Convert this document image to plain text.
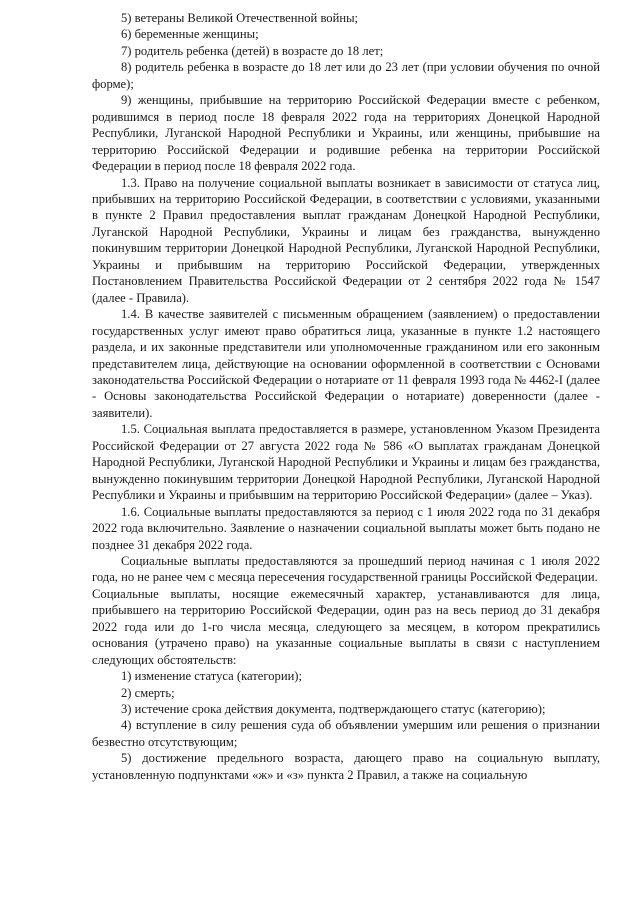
5) ветераны Великой Отечественной войны;

6) беременные женщины;

7) родитель ребенка (детей) в возрасте до 18 лет;

8) родитель ребенка в возрасте до 18 лет или до 23 лет (при условии обучения по очной форме);

9) женщины, прибывшие на территорию Российской Федерации вместе с ребенком, родившимся в период после 18 февраля 2022 года на территориях Донецкой Народной Республики, Луганской Народной Республики и Украины, или женщины, прибывшие на территорию Российской Федерации и родившие ребенка на территории Российской Федерации в период после 18 февраля 2022 года.

1.3. Право на получение социальной выплаты возникает в зависимости от статуса лиц, прибывших на территорию Российской Федерации, в соответствии с условиями, указанными в пункте 2 Правил предоставления выплат гражданам Донецкой Народной Республики, Луганской Народной Республики, Украины и лицам без гражданства, вынужденно покинувшим территории Донецкой Народной Республики, Луганской Народной Республики, Украины и прибывшим на территорию Российской Федерации, утвержденных Постановлением Правительства Российской Федерации от 2 сентября 2022 года № 1547 (далее - Правила).

1.4. В качестве заявителей с письменным обращением (заявлением) о предоставлении государственных услуг имеют право обратиться лица, указанные в пункте 1.2 настоящего раздела, и их законные представители или уполномоченные гражданином или его законным представителем лица, действующие на основании оформленной в соответствии с Основами законодательства Российской Федерации о нотариате от 11 февраля 1993 года № 4462-I (далее - Основы законодательства Российской Федерации о нотариате) доверенности (далее - заявители).

1.5. Социальная выплата предоставляется в размере, установленном Указом Президента Российской Федерации от 27 августа 2022 года № 586 «О выплатах гражданам Донецкой Народной Республики, Луганской Народной Республики и Украины и лицам без гражданства, вынужденно покинувшим территории Донецкой Народной Республики, Луганской Народной Республики и Украины и прибывшим на территорию Российской Федерации» (далее – Указ).

1.6. Социальные выплаты предоставляются за период с 1 июля 2022 года по 31 декабря 2022 года включительно. Заявление о назначении социальной выплаты может быть подано не позднее 31 декабря 2022 года.

Социальные выплаты предоставляются за прошедший период начиная с 1 июля 2022 года, но не ранее чем с месяца пересечения государственной границы Российской Федерации.

Социальные выплаты, носящие ежемесячный характер, устанавливаются для лица, прибывшего на территорию Российской Федерации, один раз на весь период до 31 декабря 2022 года или до 1-го числа месяца, следующего за месяцем, в котором прекратились основания (утрачено право) на указанные социальные выплаты в связи с наступлением следующих обстоятельств:

1) изменение статуса (категории);

2) смерть;

3) истечение срока действия документа, подтверждающего статус (категорию);

4) вступление в силу решения суда об объявлении умершим или решения о признании безвестно отсутствующим;

5) достижение предельного возраста, дающего право на социальную выплату, установленную подпунктами «ж» и «з» пункта 2 Правил, а также на социальную
